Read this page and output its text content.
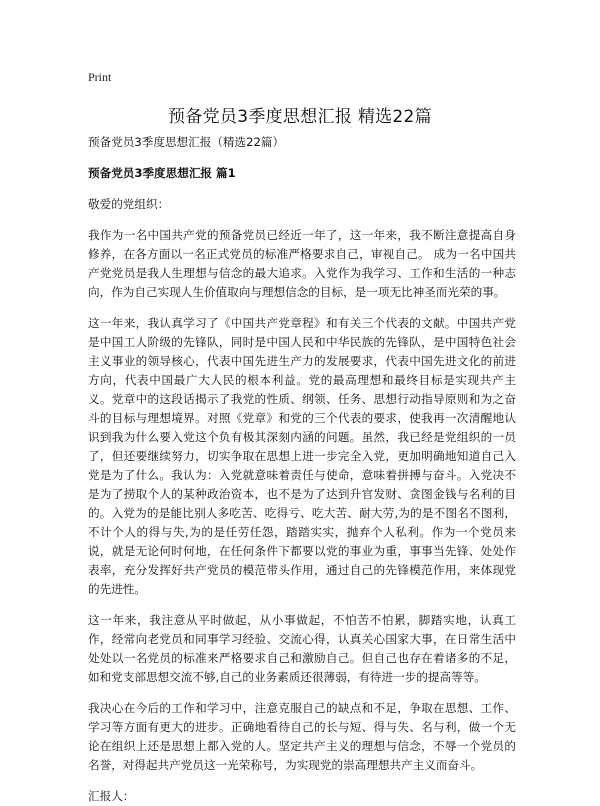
Print
预备党员3季度思想汇报 精选22篇

预备党员3季度思想汇报（精选22篇）

预备党员3季度思想汇报 篇1

敬爱的党组织：

我作为一名中国共产党的预备党员已经近一年了，这一年来，我不断注意提高自身修养，在各方面以一名正式党员的标准严格要求自己，审视自己。 成为一名中国共产党党员是我人生理想与信念的最大追求。入党作为我学习、工作和生活的一种志向，作为自己实现人生价值取向与理想信念的目标，是一项无比神圣而光荣的事。

这一年来，我认真学习了《中国共产党章程》和有关三个代表的文献。中国共产党是中国工人阶级的先锋队，同时是中国人民和中华民族的先锋队，是中国特色社会主义事业的领导核心，代表中国先进生产力的发展要求，代表中国先进文化的前进方向，代表中国最广大人民的根本利益。党的最高理想和最终目标是实现共产主义。党章中的这段话揭示了我党的性质、纲领、任务、思想行动指导原则和为之奋斗的目标与理想境界。对照《党章》和党的三个代表的要求，使我再一次清醒地认识到我为什么要入党这个负有极其深刻内涵的问题。虽然，我已经是党组织的一员了，但还要继续努力，切实争取在思想上进一步完全入党，更加明确地知道自己入党是为了什么。我认为：入党就意味着责任与使命，意味着拼搏与奋斗。入党决不是为了捞取个人的某种政治资本，也不是为了达到升官发财、贪图金钱与名利的目的。入党为的是能比别人多吃苦、吃得亏、吃大苦、耐大劳,为的是不图名不图利，不计个人的得与失,为的是任劳任怨，踏踏实实，抛弃个人私利。作为一个党员来说，就是无论何时何地，在任何条件下都要以党的事业为重，事事当先锋、处处作表率，充分发挥好共产党员的模范带头作用，通过自己的先锋模范作用，来体现党的先进性。

这一年来，我注意从平时做起，从小事做起，不怕苦不怕累，脚踏实地，认真工作，经常向老党员和同事学习经验、交流心得，认真关心国家大事，在日常生活中处处以一名党员的标准来严格要求自己和激励自己。但自己也存在着诸多的不足，如和党支部思想交流不够,自己的业务素质还很薄弱，有待进一步的提高等等。

我决心在今后的工作和学习中，注意克服自己的缺点和不足，争取在思想、工作、学习等方面有更大的进步。正确地看待自己的长与短、得与失、名与利，做一个无论在组织上还是思想上都入党的人。坚定共产主义的理想与信念，不辱一个党员的名誉，对得起共产党员这一光荣称号，为实现党的崇高理想共产主义而奋斗。

汇报人：
